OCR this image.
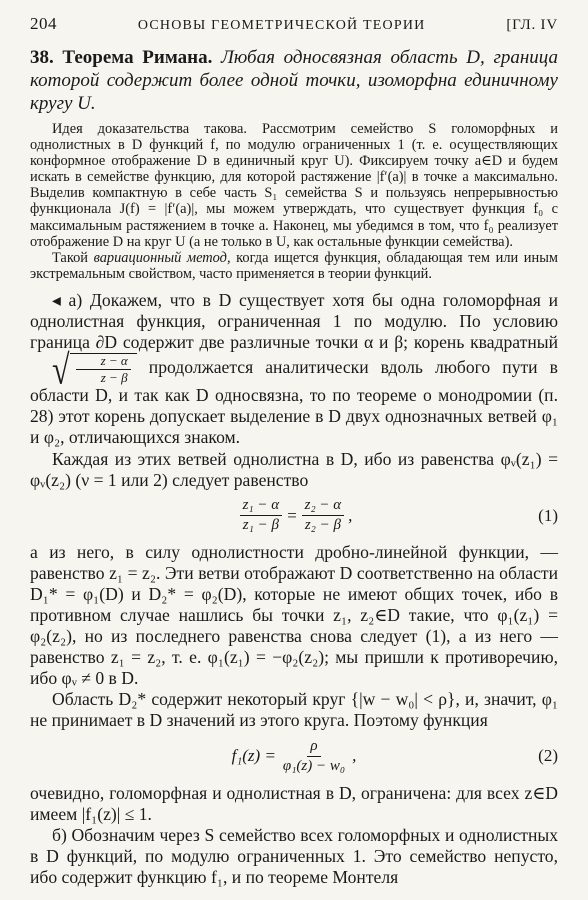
204	ОСНОВЫ ГЕОМЕТРИЧЕСКОЙ ТЕОРИИ	[ГЛ. IV
38. Теорема Римана. Любая односвязная область D, граница которой содержит более одной точки, изоморфна единичному кругу U.

Идея доказательства такова. Рассмотрим семейство S голоморфных и однолистных в D функций f, по модулю ограниченных 1 (т. е. осуществляющих конформное отображение D в единичный круг U). Фиксируем точку a∈D и будем искать в семействе функцию, для которой растяжение |f′(a)| в точке a максимально. Выделив компактную в себе часть S₁ семейства S и пользуясь непрерывностью функционала J(f) = |f′(a)|, мы можем утверждать, что существует функция f₀ с максимальным растяжением в точке a. Наконец, мы убедимся в том, что f₀ реализует отображение D на круг U (а не только в U, как остальные функции семейства).

Такой вариационный метод, когда ищется функция, обладающая тем или иным экстремальным свойством, часто применяется в теории функций.

◂ а) Докажем, что в D существует хотя бы одна голоморфная и однолистная функция, ограниченная 1 по модулю. По условию граница ∂D содержит две различные точки α и β; корень квадратный
√ $\frac{z - \alpha}{z - \beta}$ продолжается аналитически вдоль любого пути в области D, и так как D односвязна, то по теореме о монодромии (п. 28) этот корень допускает выделение в D двух однозначных ветвей φ₁ и φ₂, отличающихся знаком.

Каждая из этих ветвей однолистна в D, ибо из равенства φᵥ(z₁) = φᵥ(z₂) (ν = 1 или 2) следует равенство

$\frac{\text{z₁ − α}}{\text{z₁ − β}} = \frac{\text{z₂ − α}}{\text{z₂ − β}}$ ,	(1)

а из него, в силу однолистности дробно-линейной функции, — равенство z₁ = z₂. Эти ветви отображают D соответственно на области D₁* = φ₁(D) и D₂* = φ₂(D), которые не имеют общих точек, ибо в противном случае нашлись бы точки z₁, z₂∈D такие, что φ₁(z₁) = φ₂(z₂), но из последнего равенства снова следует (1), а из него — равенство z₁ = z₂, т. е. φ₁(z₁) = −φ₂(z₂); мы пришли к противоречию, ибо φᵥ ≠ 0 в D.

Область D₂* содержит некоторый круг {|w − w₀| < ρ}, и, значит, φ₁ не принимает в D значений из этого круга. Поэтому функция

$f_1(z) = \frac{\rho}{\text{φ₁(z) − w₀}}$ ,	(2)

очевидно, голоморфная и однолистная в D, ограничена: для всех z∈D имеем |f₁(z)| ≤ 1.

б) Обозначим через S семейство всех голоморфных и однолистных в D функций, по модулю ограниченных 1. Это семейство непусто, ибо содержит функцию f₁, и по теореме Монтеля
